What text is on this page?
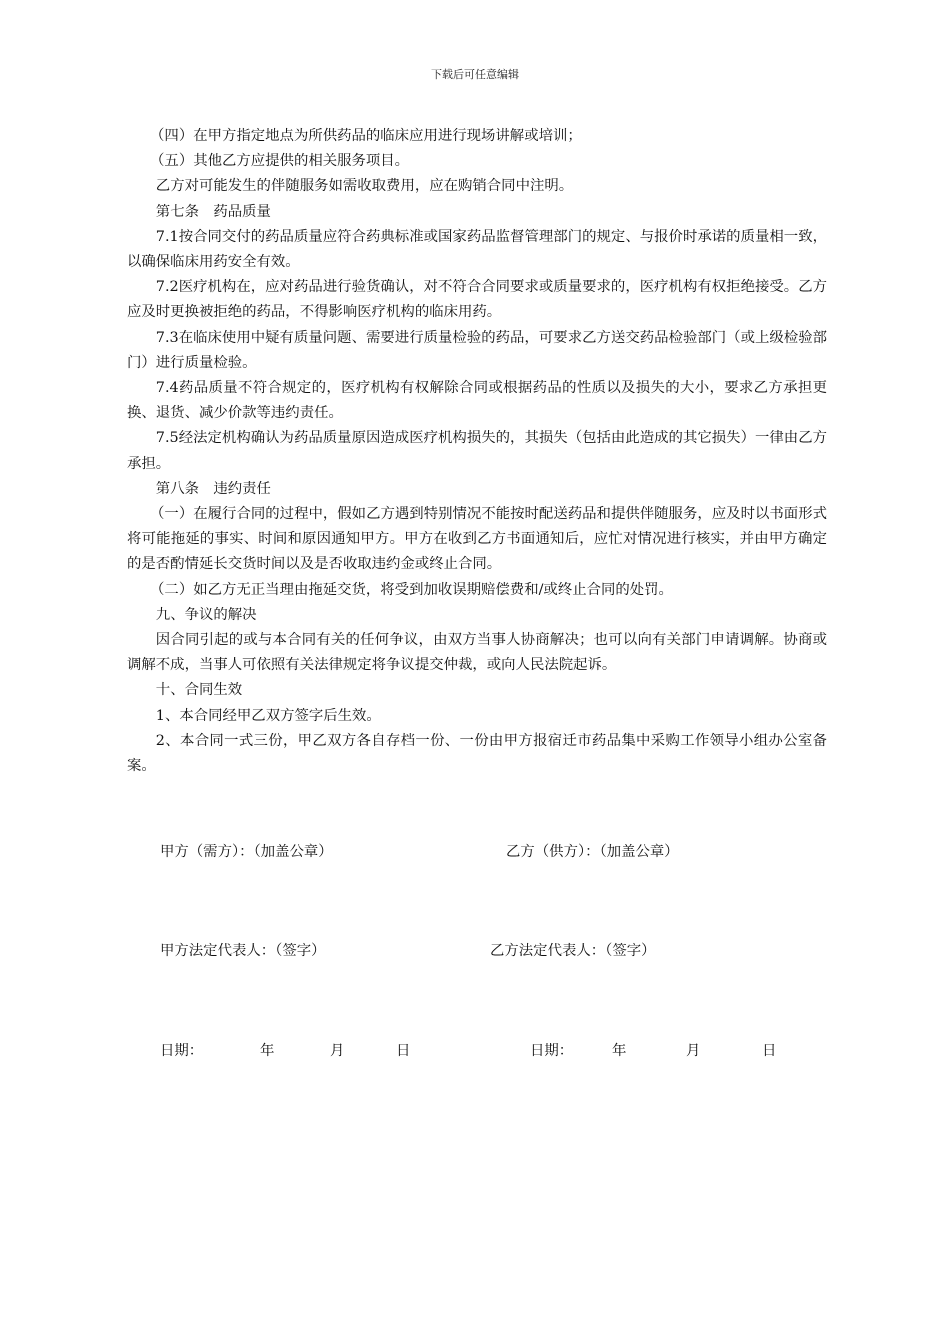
下载后可任意编辑

（四）在甲方指定地点为所供药品的临床应用进行现场讲解或培训；

（五）其他乙方应提供的相关服务项目。

乙方对可能发生的伴随服务如需收取费用，应在购销合同中注明。

第七条　药品质量

7.1按合同交付的药品质量应符合药典标准或国家药品监督管理部门的规定、与报价时承诺的质量相一致，以确保临床用药安全有效。

7.2医疗机构在，应对药品进行验货确认，对不符合合同要求或质量要求的，医疗机构有权拒绝接受。乙方应及时更换被拒绝的药品，不得影响医疗机构的临床用药。

7.3在临床使用中疑有质量问题、需要进行质量检验的药品，可要求乙方送交药品检验部门（或上级检验部门）进行质量检验。

7.4药品质量不符合规定的，医疗机构有权解除合同或根据药品的性质以及损失的大小，要求乙方承担更换、退货、减少价款等违约责任。

7.5经法定机构确认为药品质量原因造成医疗机构损失的，其损失（包括由此造成的其它损失）一律由乙方承担。

第八条　违约责任

（一）在履行合同的过程中，假如乙方遇到特别情况不能按时配送药品和提供伴随服务，应及时以书面形式将可能拖延的事实、时间和原因通知甲方。甲方在收到乙方书面通知后，应忙对情况进行核实，并由甲方确定的是否酌情延长交货时间以及是否收取违约金或终止合同。

（二）如乙方无正当理由拖延交货，将受到加收误期赔偿费和/或终止合同的处罚。

九、争议的解决

因合同引起的或与本合同有关的任何争议，由双方当事人协商解决；也可以向有关部门申请调解。协商或调解不成，当事人可依照有关法律规定将争议提交仲裁，或向人民法院起诉。

十、合同生效

1、本合同经甲乙双方签字后生效。

2、本合同一式三份，甲乙双方各自存档一份、一份由甲方报宿迁市药品集中采购工作领导小组办公室备案。

甲方（需方）：（加盖公章）	乙方（供方）：（加盖公章）
甲方法定代表人：（签字）	乙方法定代表人：（签字）
日期：	年	月	日	日期：	年	月	日
